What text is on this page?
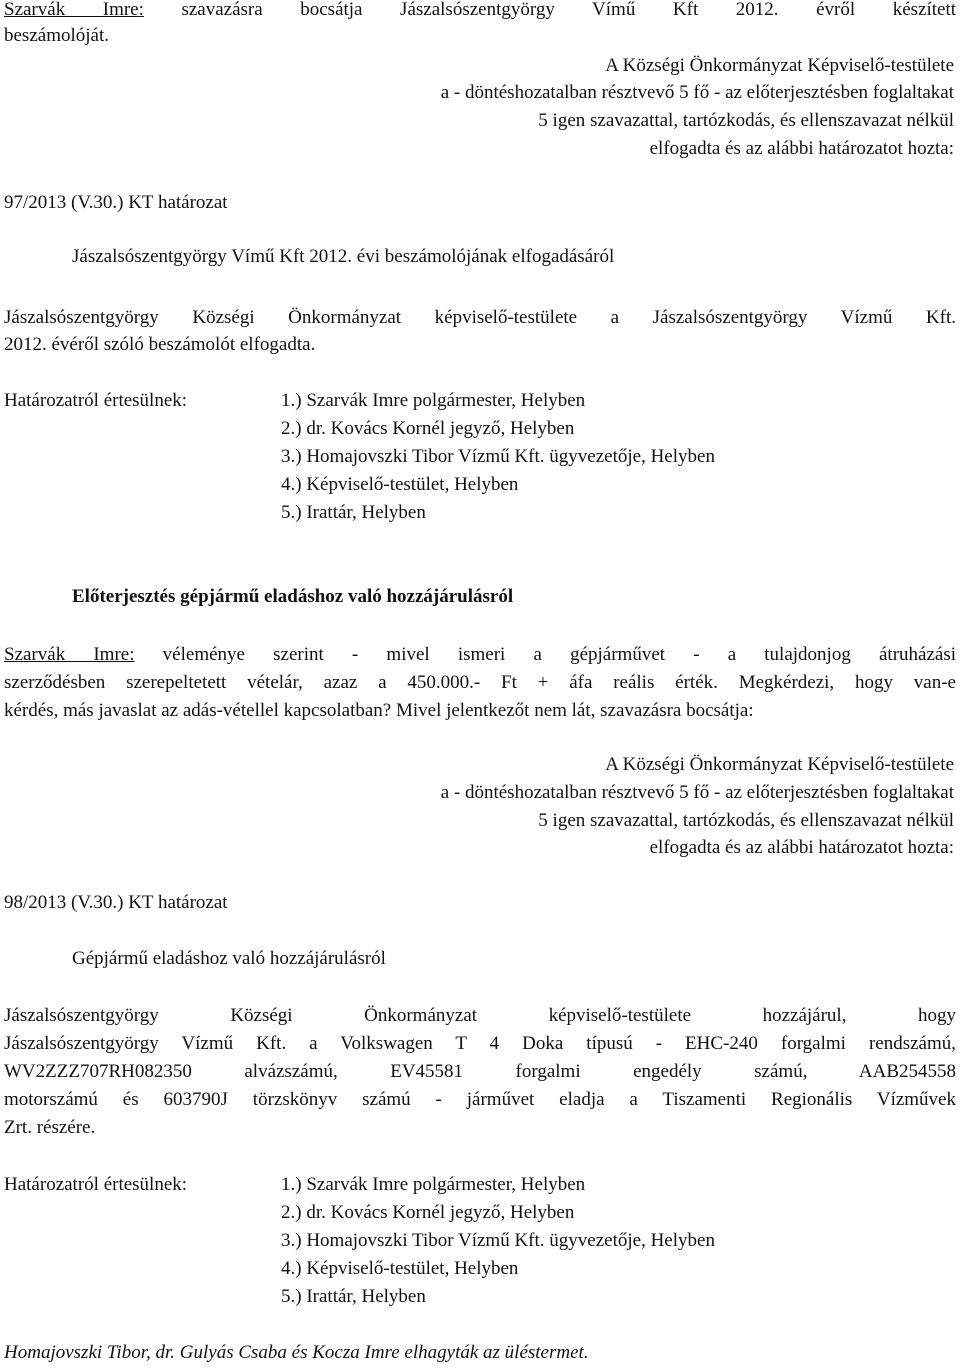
Szarvák Imre: szavazásra bocsátja Jászalsószentgyörgy Vímű Kft 2012. évről készített
beszámolóját.
A Községi Önkormányzat Képviselő-testülete
a - döntéshozatalban résztvevő 5 fő - az előterjesztésben foglaltakat
5 igen szavazattal, tartózkodás, és ellenszavazat nélkül
elfogadta és az alábbi határozatot hozta:
97/2013 (V.30.) KT határozat
Jászalsószentgyörgy Vímű Kft 2012. évi beszámolójának elfogadásáról
Jászalsószentgyörgy Községi Önkormányzat képviselő-testülete a Jászalsószentgyörgy Vízmű Kft.
2012. évéről szóló beszámolót elfogadta.
Határozatról értesülnek:	1.) Szarvák Imre polgármester, Helyben
2.) dr. Kovács Kornél jegyző, Helyben
3.) Homajovszki Tibor Vízmű Kft. ügyvezetője, Helyben
4.) Képviselő-testület, Helyben
5.) Irattár, Helyben
Előterjesztés gépjármű eladáshoz való hozzájárulásról
Szarvák Imre: véleménye szerint - mivel ismeri a gépjárművet - a tulajdonjog átruházási
szerződésben szerepeltetett vételár, azaz a 450.000.- Ft + áfa reális érték. Megkérdezi, hogy van-e
kérdés, más javaslat az adás-vétellel kapcsolatban? Mivel jelentkezőt nem lát, szavazásra bocsátja:
A Községi Önkormányzat Képviselő-testülete
a - döntéshozatalban résztvevő 5 fő - az előterjesztésben foglaltakat
5 igen szavazattal, tartózkodás, és ellenszavazat nélkül
elfogadta és az alábbi határozatot hozta:
98/2013 (V.30.) KT határozat
Gépjármű eladáshoz való hozzájárulásról
Jászalsószentgyörgy Községi Önkormányzat képviselő-testülete hozzájárul, hogy
Jászalsószentgyörgy Vízmű Kft. a Volkswagen T 4 Doka típusú - EHC-240 forgalmi rendszámú,
WV2ZZZ707RH082350 alvázszámú, EV45581 forgalmi engedély számú, AAB254558
motorszámú és 603790J törzskönyv számú - járművet eladja a Tiszamenti Regionális Vízművek
Zrt. részére.
Határozatról értesülnek:	1.) Szarvák Imre polgármester, Helyben
2.) dr. Kovács Kornél jegyző, Helyben
3.) Homajovszki Tibor Vízmű Kft. ügyvezetője, Helyben
4.) Képviselő-testület, Helyben
5.) Irattár, Helyben
Homajovszki Tibor, dr. Gulyás Csaba és Kocza Imre elhagyták az üléstermet.
